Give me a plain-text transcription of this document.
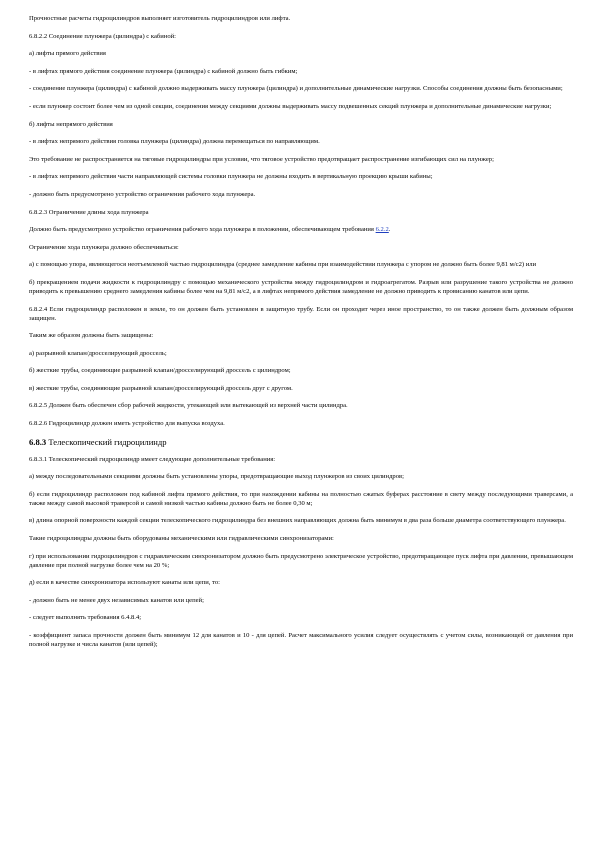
Прочностные расчеты гидроцилиндров выполняет изготовитель гидроцилиндров или лифта.

6.8.2.2 Соединение плунжера (цилиндра) с кабиной:

а) лифты прямого действия

- в лифтах прямого действия соединение плунжера (цилиндра) с кабиной должно быть гибким;

- соединение плунжера (цилиндра) с кабиной должно выдерживать массу плунжера (цилиндра) и дополнительные динамические нагрузки. Способы соединения должны быть безопасными;

- если плунжер состоит более чем из одной секции, соединения между секциями должны выдерживать массу подвешенных секций плунжера и дополнительные динамические нагрузки;

б) лифты непрямого действия

- в лифтах непрямого действия головка плунжера (цилиндра) должна перемещаться по направляющим.

Это требование не распространяется на тяговые гидроцилиндры при условии, что тяговое устройство предотвращает распространение изгибающих сил на плунжер;

- в лифтах непрямого действия части направляющей системы головки плунжера не должны входить в вертикальную проекцию крыши кабины;

- должно быть предусмотрено устройство ограничения рабочего хода плунжера.

6.8.2.3 Ограничение длины хода плунжера

Должно быть предусмотрено устройство ограничения рабочего хода плунжера в положении, обеспечивающем требования 6.2.2.

Ограничение хода плунжера должно обеспечиваться:

а) с помощью упора, являющегося неотъемлемой частью гидроцилиндра (среднее замедление кабины при взаимодействии плунжера с упором не должно быть более 9,81 м/с2) или

б) прекращением подачи жидкости к гидроцилиндру с помощью механического устройства между гидроцилиндром и гидроагрегатом. Разрыв или разрушение такого устройства не должно приводить к превышению среднего замедления кабины более чем на 9,81 м/с2, а в лифтах непрямого действия замедление не должно приводить к провисанию канатов или цепи.

6.8.2.4 Если гидроцилиндр расположен в земле, то он должен быть установлен в защитную трубу. Если он проходит через иное пространство, то он также должен быть должным образом защищен.

Таким же образом должны быть защищены:

а) разрывной клапан/дросселирующий дроссель;

б) жесткие трубы, соединяющие разрывной клапан/дросселирующий дроссель с цилиндром;

в) жесткие трубы, соединяющие разрывной клапан/дросселирующий дроссель друг с другом.

6.8.2.5 Должен быть обеспечен сбор рабочей жидкости, утекающей или вытекающей из верхней части цилиндра.

6.8.2.6 Гидроцилиндр должен иметь устройство для выпуска воздуха.

6.8.3 Телескопический гидроцилиндр

6.8.3.1 Телескопический гидроцилиндр имеет следующие дополнительные требования:

а) между последовательными секциями должны быть установлены упоры, предотвращающие выход плунжеров из своих цилиндров;

б) если гидроцилиндр расположен под кабиной лифта прямого действия, то при нахождении кабины на полностью сжатых буферах расстояние в свету между последующими траверсами, а также между самой высокой траверсой и самой низкой частью кабины должно быть не более 0,30 м;

в) длина опорной поверхности каждой секции телескопического гидроцилиндра без внешних направляющих должна быть минимум в два раза больше диаметра соответствующего плунжера.

Такие гидроцилиндры должны быть оборудованы механическими или гидравлическими синхронизаторами:

г) при использовании гидроцилиндров с гидравлическим синхронизатором должно быть предусмотрено электрическое устройство, предотвращающее пуск лифта при давлении, превышающем давление при полной нагрузке более чем на 20 %;

д) если в качестве синхронизатора используют канаты или цепи, то:

- должно быть не менее двух независимых канатов или цепей;

- следует выполнять требования 6.4.8.4;

- коэффициент запаса прочности должен быть минимум 12 для канатов и 10 - для цепей. Расчет максимального усилия следует осуществлять с учетом силы, возникающей от давления при полной нагрузке и числа канатов (или цепей);
